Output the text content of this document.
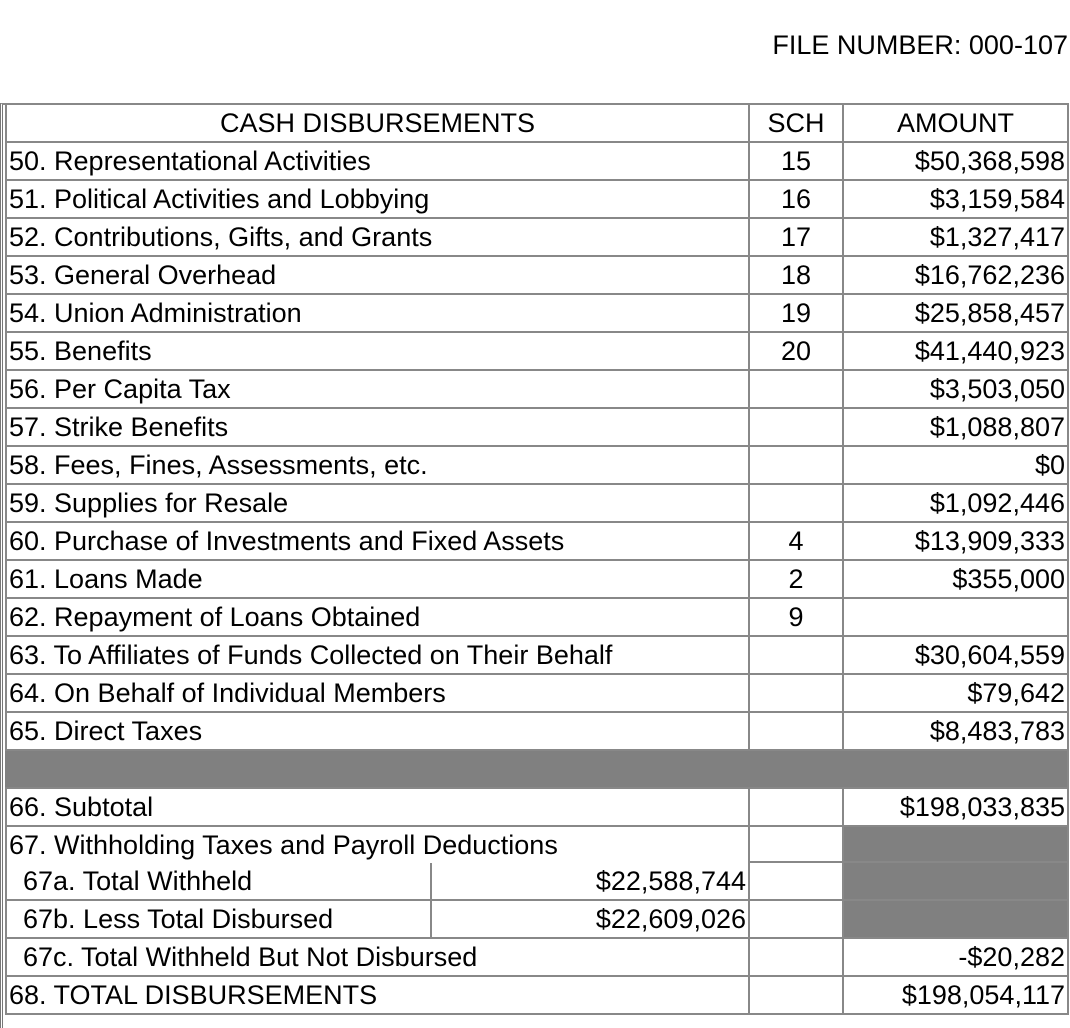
FILE NUMBER: 000-107
CASH DISBURSEMENTS		SCH	AMOUNT
50. Representational Activities		15	$50,368,598
51. Political Activities and Lobbying		16	$3,159,584
52. Contributions, Gifts, and Grants		17	$1,327,417
53. General Overhead		18	$16,762,236
54. Union Administration		19	$25,858,457
55. Benefits		20	$41,440,923
56. Per Capita Tax			$3,503,050
57. Strike Benefits			$1,088,807
58. Fees, Fines, Assessments, etc.			$0
59. Supplies for Resale			$1,092,446
60. Purchase of Investments and Fixed Assets		4	$13,909,333
61. Loans Made		2	$355,000
62. Repayment of Loans Obtained		9	
63. To Affiliates of Funds Collected on Their Behalf			$30,604,559
64. On Behalf of Individual Members			$79,642
65. Direct Taxes			$8,483,783

66. Subtotal			$198,033,835
67. Withholding Taxes and Payroll Deductions			
67a. Total Withheld	$22,588,744		
67b. Less Total Disbursed	$22,609,026		
67c. Total Withheld But Not Disbursed			-$20,282
68. TOTAL DISBURSEMENTS			$198,054,117
